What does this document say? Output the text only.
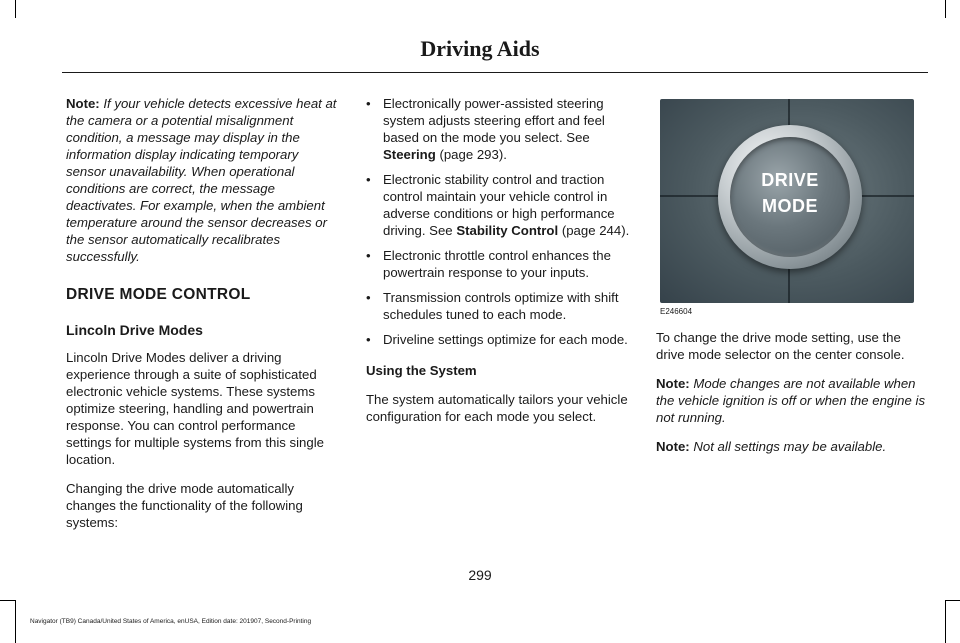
Driving Aids

Note: If your vehicle detects excessive heat at the camera or a potential misalignment condition, a message may display in the information display indicating temporary sensor unavailability. When operational conditions are correct, the message deactivates. For example, when the ambient temperature around the sensor decreases or the sensor automatically recalibrates successfully.

DRIVE MODE CONTROL
Lincoln Drive Modes

Lincoln Drive Modes deliver a driving experience through a suite of sophisticated electronic vehicle systems. These systems optimize steering, handling and powertrain response. You can control performance settings for multiple systems from this single location.

Changing the drive mode automatically changes the functionality of the following systems:

• Electronically power-assisted steering system adjusts steering effort and feel based on the mode you select. See Steering (page 293).
• Electronic stability control and traction control maintain your vehicle control in adverse conditions or high performance driving. See Stability Control (page 244).
• Electronic throttle control enhances the powertrain response to your inputs.
• Transmission controls optimize with shift schedules tuned to each mode.
• Driveline settings optimize for each mode.
Using the System

The system automatically tailors your vehicle configuration for each mode you select.

DRIVE
MODE
E246604

To change the drive mode setting, use the drive mode selector on the center console.

Note: Mode changes are not available when the vehicle ignition is off or when the engine is not running.

Note: Not all settings may be available.

299
Navigator (TB9) Canada/United States of America, enUSA, Edition date: 201907, Second-Printing
